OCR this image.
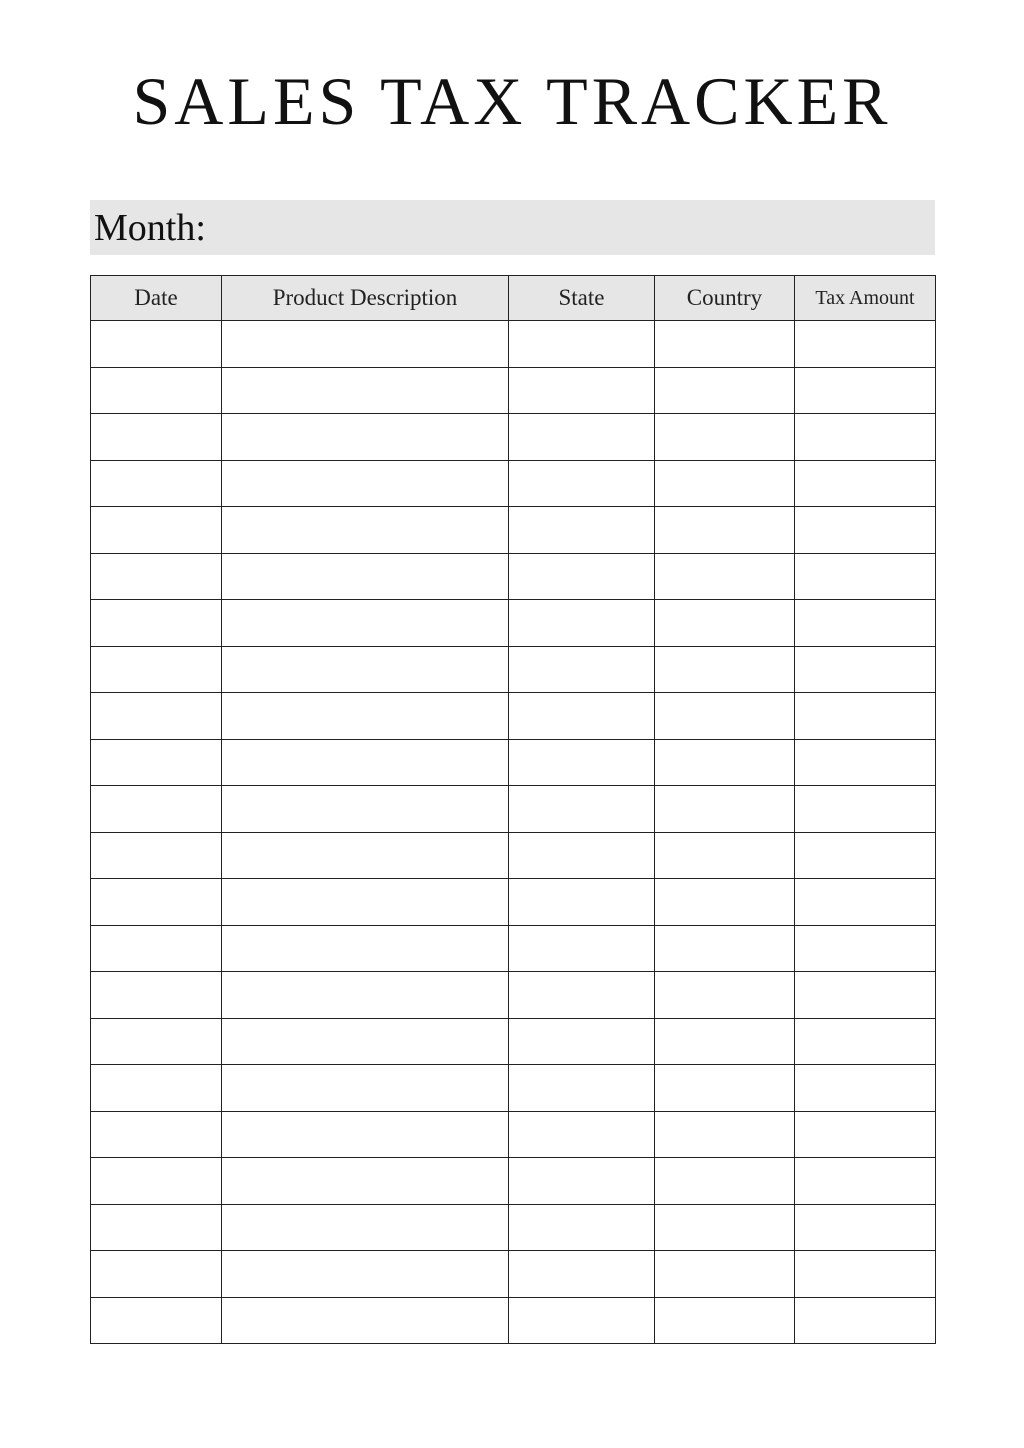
SALES TAX TRACKER
Month:
Date	Product Description	State	Country	Tax Amount
